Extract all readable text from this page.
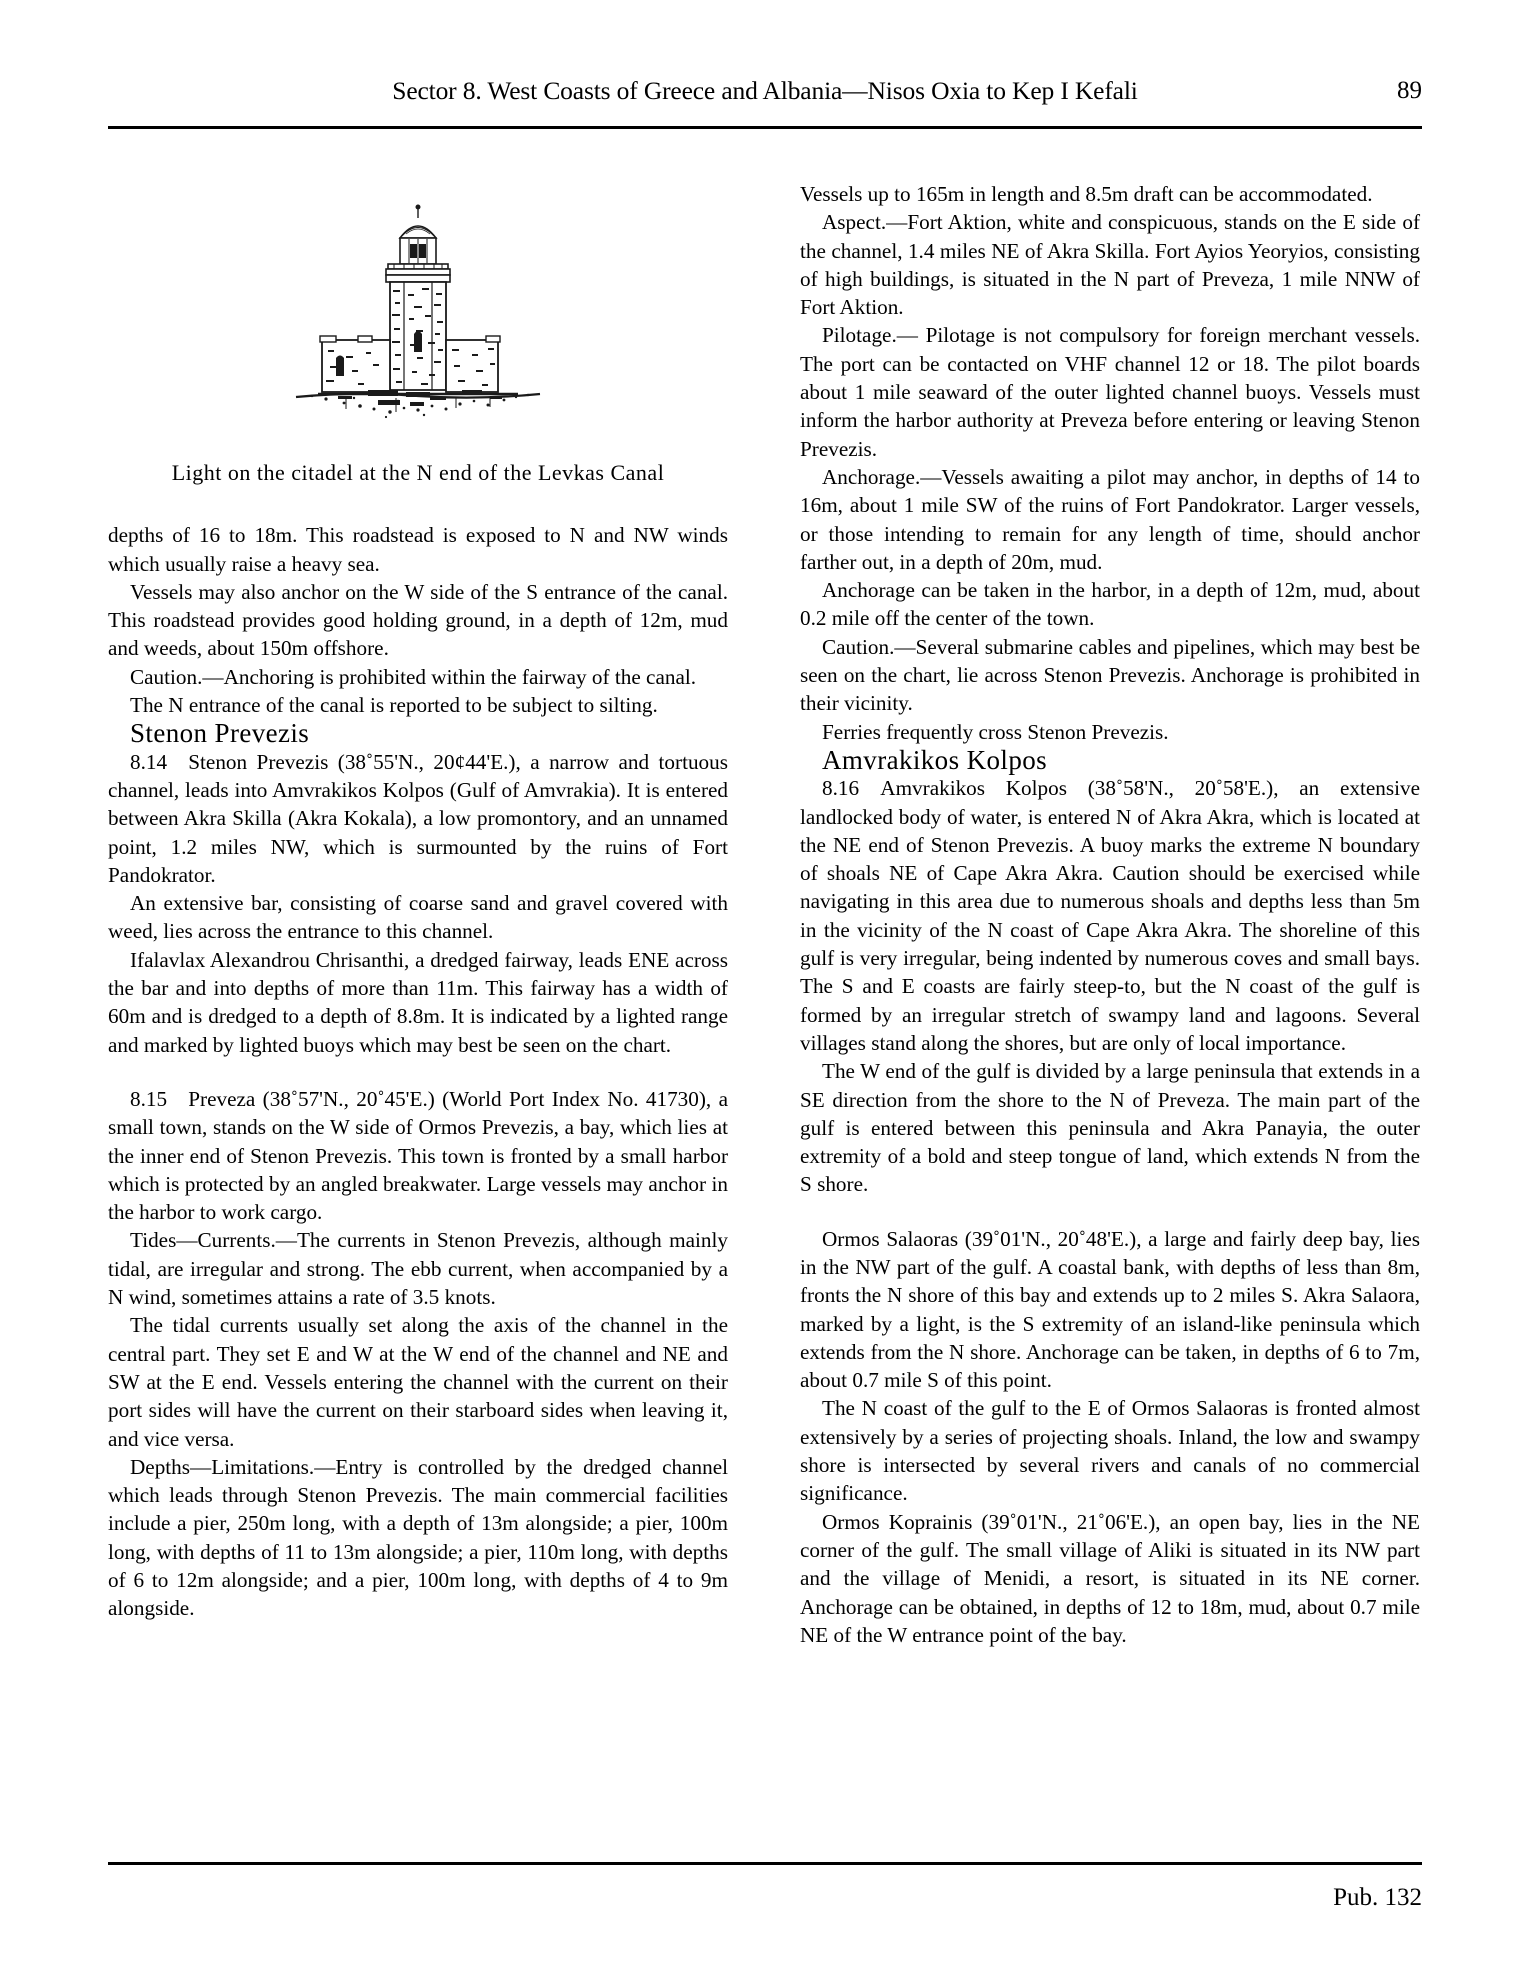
Sector 8. West Coasts of Greece and Albania—Nisos Oxia to Kep I Kefali	89
Light on the citadel at the N end of the Levkas Canal

depths of 16 to 18m. This roadstead is exposed to N and NW winds which usually raise a heavy sea.

Vessels may also anchor on the W side of the S entrance of the canal. This roadstead provides good holding ground, in a depth of 12m, mud and weeds, about 150m offshore.

Caution.—Anchoring is prohibited within the fairway of the canal.

The N entrance of the canal is reported to be subject to silting.

Stenon Prevezis

8.14 Stenon Prevezis (38˚55'N., 20¢44'E.), a narrow and tortuous channel, leads into Amvrakikos Kolpos (Gulf of Amvrakia). It is entered between Akra Skilla (Akra Kokala), a low promontory, and an unnamed point, 1.2 miles NW, which is surmounted by the ruins of Fort Pandokrator.

An extensive bar, consisting of coarse sand and gravel covered with weed, lies across the entrance to this channel.

Ifalavlax Alexandrou Chrisanthi, a dredged fairway, leads ENE across the bar and into depths of more than 11m. This fairway has a width of 60m and is dredged to a depth of 8.8m. It is indicated by a lighted range and marked by lighted buoys which may best be seen on the chart.

8.15 Preveza (38˚57'N., 20˚45'E.) (World Port Index No. 41730), a small town, stands on the W side of Ormos Prevezis, a bay, which lies at the inner end of Stenon Prevezis. This town is fronted by a small harbor which is protected by an angled breakwater. Large vessels may anchor in the harbor to work cargo.

Tides—Currents.—The currents in Stenon Prevezis, although mainly tidal, are irregular and strong. The ebb current, when accompanied by a N wind, sometimes attains a rate of 3.5 knots.

The tidal currents usually set along the axis of the channel in the central part. They set E and W at the W end of the channel and NE and SW at the E end. Vessels entering the channel with the current on their port sides will have the current on their starboard sides when leaving it, and vice versa.

Depths—Limitations.—Entry is controlled by the dredged channel which leads through Stenon Prevezis. The main commercial facilities include a pier, 250m long, with a depth of 13m alongside; a pier, 100m long, with depths of 11 to 13m alongside; a pier, 110m long, with depths of 6 to 12m alongside; and a pier, 100m long, with depths of 4 to 9m alongside.

Vessels up to 165m in length and 8.5m draft can be accommodated.

Aspect.—Fort Aktion, white and conspicuous, stands on the E side of the channel, 1.4 miles NE of Akra Skilla. Fort Ayios Yeoryios, consisting of high buildings, is situated in the N part of Preveza, 1 mile NNW of Fort Aktion.

Pilotage.— Pilotage is not compulsory for foreign merchant vessels. The port can be contacted on VHF channel 12 or 18. The pilot boards about 1 mile seaward of the outer lighted channel buoys. Vessels must inform the harbor authority at Preveza before entering or leaving Stenon Prevezis.

Anchorage.—Vessels awaiting a pilot may anchor, in depths of 14 to 16m, about 1 mile SW of the ruins of Fort Pandokrator. Larger vessels, or those intending to remain for any length of time, should anchor farther out, in a depth of 20m, mud.

Anchorage can be taken in the harbor, in a depth of 12m, mud, about 0.2 mile off the center of the town.

Caution.—Several submarine cables and pipelines, which may best be seen on the chart, lie across Stenon Prevezis. Anchorage is prohibited in their vicinity.

Ferries frequently cross Stenon Prevezis.

Amvrakikos Kolpos

8.16 Amvrakikos Kolpos (38˚58'N., 20˚58'E.), an extensive landlocked body of water, is entered N of Akra Akra, which is located at the NE end of Stenon Prevezis. A buoy marks the extreme N boundary of shoals NE of Cape Akra Akra. Caution should be exercised while navigating in this area due to numerous shoals and depths less than 5m in the vicinity of the N coast of Cape Akra Akra. The shoreline of this gulf is very irregular, being indented by numerous coves and small bays. The S and E coasts are fairly steep-to, but the N coast of the gulf is formed by an irregular stretch of swampy land and lagoons. Several villages stand along the shores, but are only of local importance.

The W end of the gulf is divided by a large peninsula that extends in a SE direction from the shore to the N of Preveza. The main part of the gulf is entered between this peninsula and Akra Panayia, the outer extremity of a bold and steep tongue of land, which extends N from the S shore.

Ormos Salaoras (39˚01'N., 20˚48'E.), a large and fairly deep bay, lies in the NW part of the gulf. A coastal bank, with depths of less than 8m, fronts the N shore of this bay and extends up to 2 miles S. Akra Salaora, marked by a light, is the S extremity of an island-like peninsula which extends from the N shore. Anchorage can be taken, in depths of 6 to 7m, about 0.7 mile S of this point.

The N coast of the gulf to the E of Ormos Salaoras is fronted almost extensively by a series of projecting shoals. Inland, the low and swampy shore is intersected by several rivers and canals of no commercial significance.

Ormos Koprainis (39˚01'N., 21˚06'E.), an open bay, lies in the NE corner of the gulf. The small village of Aliki is situated in its NW part and the village of Menidi, a resort, is situated in its NE corner. Anchorage can be obtained, in depths of 12 to 18m, mud, about 0.7 mile NE of the W entrance point of the bay.

Pub. 132
